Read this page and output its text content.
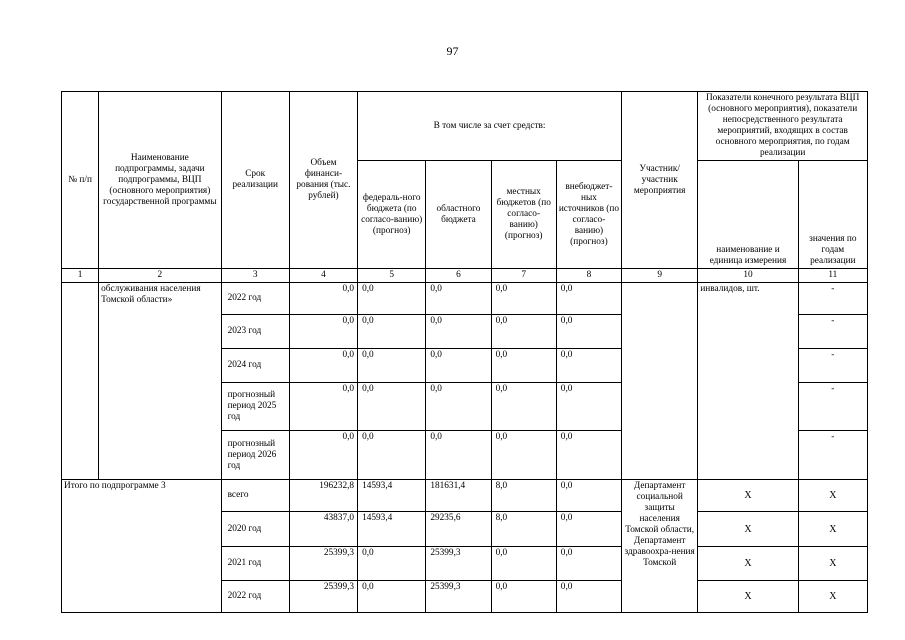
97
№ п/п	Наименование подпрограммы, задачи подпрограммы, ВЦП (основного мероприятия) государственной программы	Срок реализации	Объем финанси-рования (тыс. рублей)	В том числе за счет средств:				Участник/ участник мероприятия	Показатели конечного результата ВЦП (основного мероприятия), показатели непосредственного результата мероприятий, входящих в состав основного мероприятия, по годам реализации	
				федераль-ного бюджета (по согласо-ванию) (прогноз)	областного бюджета	местных бюджетов (по согласо-ванию) (прогноз)	внебюджет-ных источников (по согласо-ванию) (прогноз)		наименование и единица измерения	значения по годам реализации
1	2	3	4	5	6	7	8	9	10	11
	обслуживания населения Томской области»	2022 год	0,0	0,0	0,0	0,0	0,0		инвалидов, шт.	-
		2023 год	0,0	0,0	0,0	0,0	0,0			-
		2024 год	0,0	0,0	0,0	0,0	0,0			-
		прогнозный период 2025 год	0,0	0,0	0,0	0,0	0,0			-
		прогнозный период 2026 год	0,0	0,0	0,0	0,0	0,0			-
Итого по подпрограмме 3		всего	196232,8	14593,4	181631,4	8,0	0,0	Департамент социальной защиты населения Томской области, Департамент здравоохра-нения Томской	Х	Х
		2020 год	43837,0	14593,4	29235,6	8,0	0,0		Х	Х
		2021 год	25399,3	0,0	25399,3	0,0	0,0		Х	Х
		2022 год	25399,3	0,0	25399,3	0,0	0,0		Х	Х
